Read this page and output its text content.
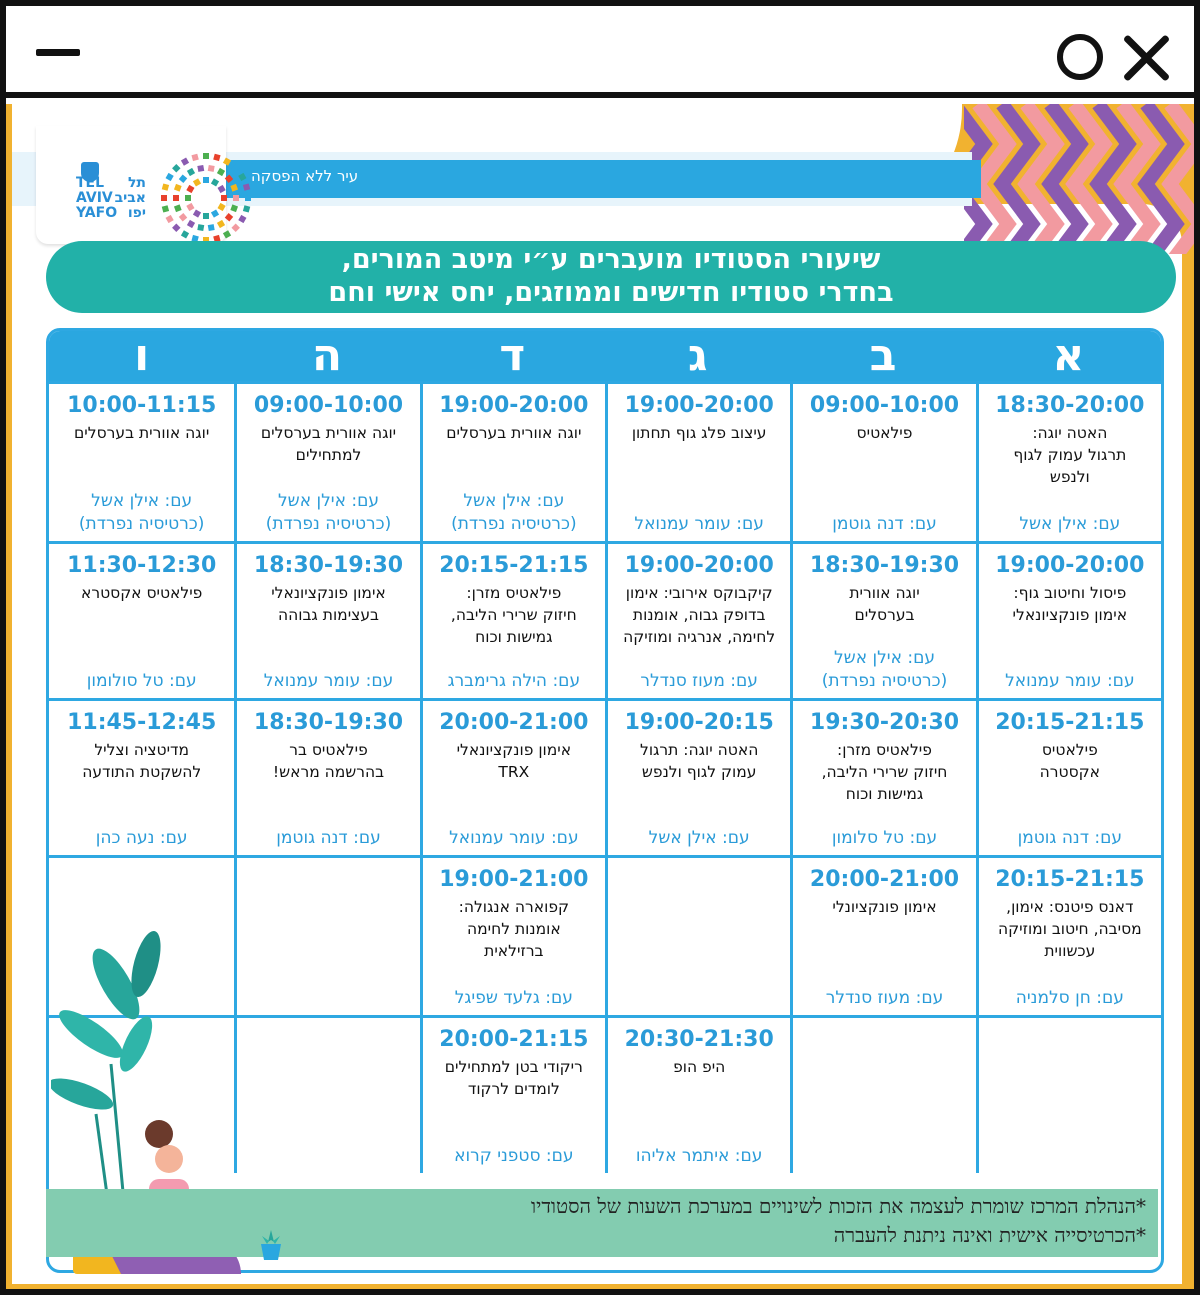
עיר ללא הפסקה
TEL
AVIV
YAFO
תל
אביב
יפו
שיעורי הסטודיו מועברים ע״י מיטב המורים,
בחדרי סטודיו חדישים וממוזגים, יחס אישי וחם
א
ב
ג
ד
ה
ו
18:30-20:00
האטה יוגה:
תרגול עמוק לגוף
ולנפש
עם: אילן אשל
09:00-10:00
פילאטיס
עם: דנה גוטמן
19:00-20:00
עיצוב פלג גוף תחתון
עם: עומר עמנואל
19:00-20:00
יוגה אוורית בערסלים
עם: אילן אשל
(כרטיסיה נפרדת)
09:00-10:00
יוגה אוורית בערסלים
למתחילים
עם: אילן אשל
(כרטיסיה נפרדת)
10:00-11:15
יוגה אוורית בערסלים
עם: אילן אשל
(כרטיסיה נפרדת)
19:00-20:00
פיסול וחיטוב גוף:
אימון פונקציונאלי
עם: עומר עמנואל
18:30-19:30
יוגה אוורית
בערסלים
עם: אילן אשל
(כרטיסיה נפרדת)
19:00-20:00
קיקבוקס אירובי: אימון
בדופק גבוה, אומנות
לחימה, אנרגיה ומוזיקה
עם: מעוז סנדלר
20:15-21:15
פילאטיס מזרן:
חיזוק שרירי הליבה,
גמישות וכוח
עם: הילה גרימברג
18:30-19:30
אימון פונקציונאלי
בעצימות גבוהה
עם: עומר עמנואל
11:30-12:30
פילאטיס אקסטרא
עם: טל סולומון
20:15-21:15
פילאטיס
אקסטרה
עם: דנה גוטמן
19:30-20:30
פילאטיס מזרן:
חיזוק שרירי הליבה,
גמישות וכוח
עם: טל סלומון
19:00-20:15
האטה יוגה: תרגול
עמוק לגוף ולנפש
עם: אילן אשל
20:00-21:00
אימון פונקציונאלי
TRX
עם: עומר עמנואל
18:30-19:30
פילאטיס בר
בהרשמה מראש!
עם: דנה גוטמן
11:45-12:45
מדיטציה וצליל
להשקטת התודעה
עם: נעה כהן
20:15-21:15
דאנס פיטנס: אימון,
מסיבה, חיטוב ומוזיקה
עכשווית
עם: חן סלמניה
20:00-21:00
אימון פונקציונלי
עם: מעוז סנדלר
19:00-21:00
קפוארה אנגולה:
אומנות לחימה
ברזילאית
עם: גלעד שפיגל
20:30-21:30
היפ הופ
עם: איתמר אליהו
20:00-21:15
ריקודי בטן למתחילים
לומדים לרקוד
עם: סטפני קרוא
*הנהלת המרכז שומרת לעצמה את הזכות לשינויים במערכת השעות של הסטודיו
*הכרטיסייה אישית ואינה ניתנת להעברה
